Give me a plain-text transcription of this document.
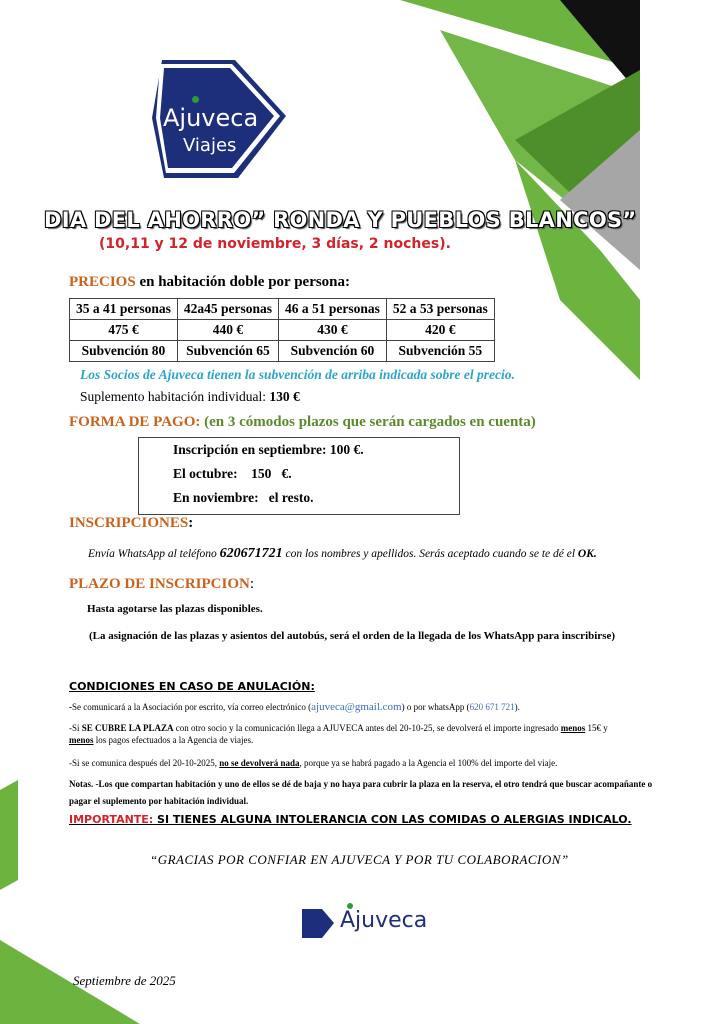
Ajuveca
Viajes
DIA DEL AHORRO” RONDA Y PUEBLOS BLANCOS”
(10,11 y 12 de noviembre, 3 días, 2 noches).
PRECIOS en habitación doble por persona:
35 a 41 personas	42a45 personas	46 a 51 personas	52 a 53 personas
475 €	440 €	430 €	420 €
Subvención 80	Subvención 65	Subvención 60	Subvención 55
Los Socios de Ajuveca tienen la subvención de arriba indicada sobre el precio.
Suplemento habitación individual: 130 €
FORMA DE PAGO: (en 3 cómodos plazos que serán cargados en cuenta)
Inscripción en septiembre: 100 €.
El octubre:    150   €.
En noviembre:   el resto.
INSCRIPCIONES:
Envía WhatsApp al teléfono 620671721 con los nombres y apellidos. Serás aceptado cuando se te dé el OK.
PLAZO DE INSCRIPCION:
Hasta agotarse las plazas disponibles.
(La asignación de las plazas y asientos del autobús, será el orden de la llegada de los WhatsApp para inscribirse)
CONDICIONES EN CASO DE ANULACIÓN:
-Se comunicará a la Asociación por escrito, vía correo electrónico (ajuveca@gmail.com) o por whatsApp (620 671 721).
-Si SE CUBRE LA PLAZA con otro socio y la comunicación llega a AJUVECA antes del 20-10-25, se devolverá el importe ingresado menos 15€ y
menos los pagos efectuados a la Agencia de viajes.
-Si se comunica después del 20-10-2025, no se devolverá nada, porque ya se habrá pagado a la Agencia el 100% del importe del viaje.
Notas. -Los que compartan habitación y uno de ellos se dé de baja y no haya para cubrir la plaza en la reserva, el otro tendrá que buscar acompañante o pagar el suplemento por habitación individual.
IMPORTANTE: SI TIENES ALGUNA INTOLERANCIA CON LAS COMIDAS O ALERGIAS INDICALO.
“GRACIAS POR CONFIAR EN AJUVECA Y POR TU COLABORACION”
Ajuveca
Septiembre de 2025
